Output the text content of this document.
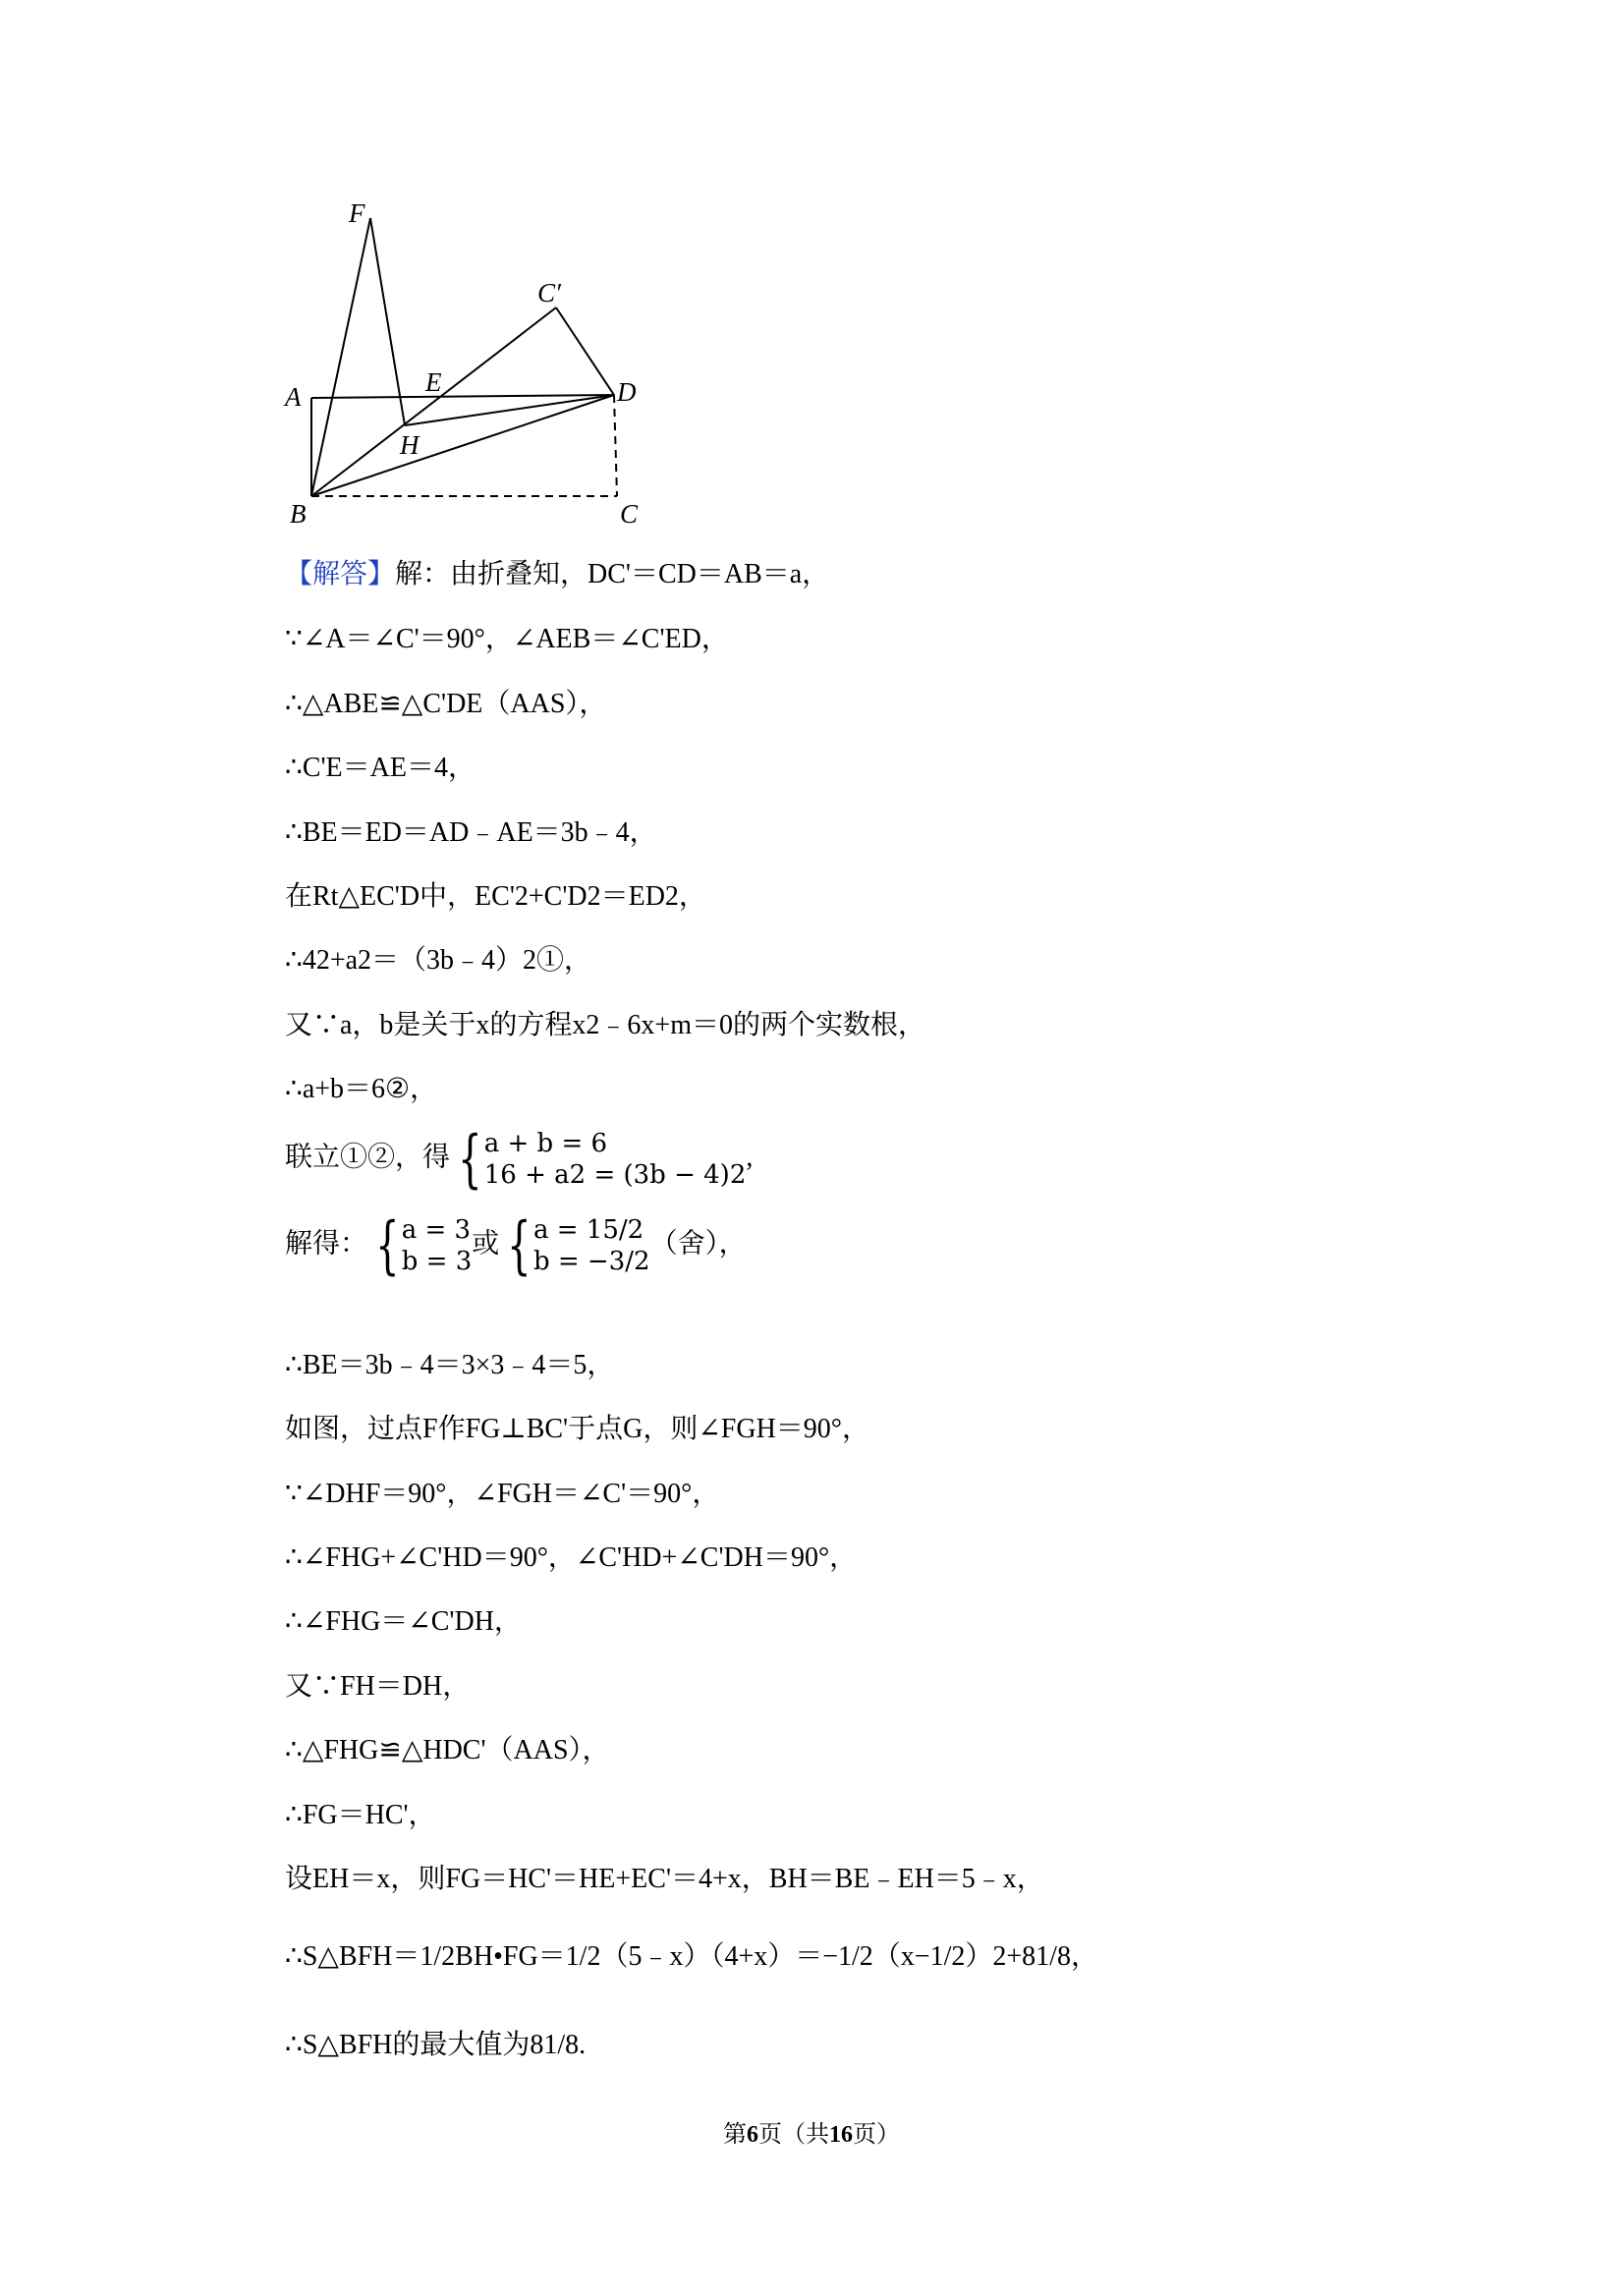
F
C′
A	E	D
H
B	C
【解答】解：由折叠知，DC'＝CD＝AB＝a，
∵∠A＝∠C'＝90°，∠AEB＝∠C'ED，
∴△ABE≌△C'DE（AAS），
∴C'E＝AE＝4，
∴BE＝ED＝AD﹣AE＝3b﹣4，
在Rt△EC'D中，EC'2+C'D2＝ED2，
∴42+a2＝（3b﹣4）2①，
又∵a，b是关于x的方程x2﹣6x+m＝0的两个实数根，
∴a+b＝6②，
联立①②，得 { a + b = 6
16 + a2 = (3b − 4)2
,
解得： { a = 3
b = 3
或 { a = 15/2
b = −3/2
（舍），
∴BE＝3b﹣4＝3×3﹣4＝5，
如图，过点F作FG⊥BC'于点G，则∠FGH＝90°，
∵∠DHF＝90°，∠FGH＝∠C'＝90°，
∴∠FHG+∠C'HD＝90°，∠C'HD+∠C'DH＝90°，
∴∠FHG＝∠C'DH，
又∵FH＝DH，
∴△FHG≌△HDC'（AAS），
∴FG＝HC'，
设EH＝x，则FG＝HC'＝HE+EC'＝4+x，BH＝BE﹣EH＝5﹣x，
∴S△BFH＝1/2BH•FG＝1/2（5﹣x）（4+x）＝−1/2（x−1/2）2+81/8，
∴S△BFH的最大值为81/8.
第6页（共16页）
